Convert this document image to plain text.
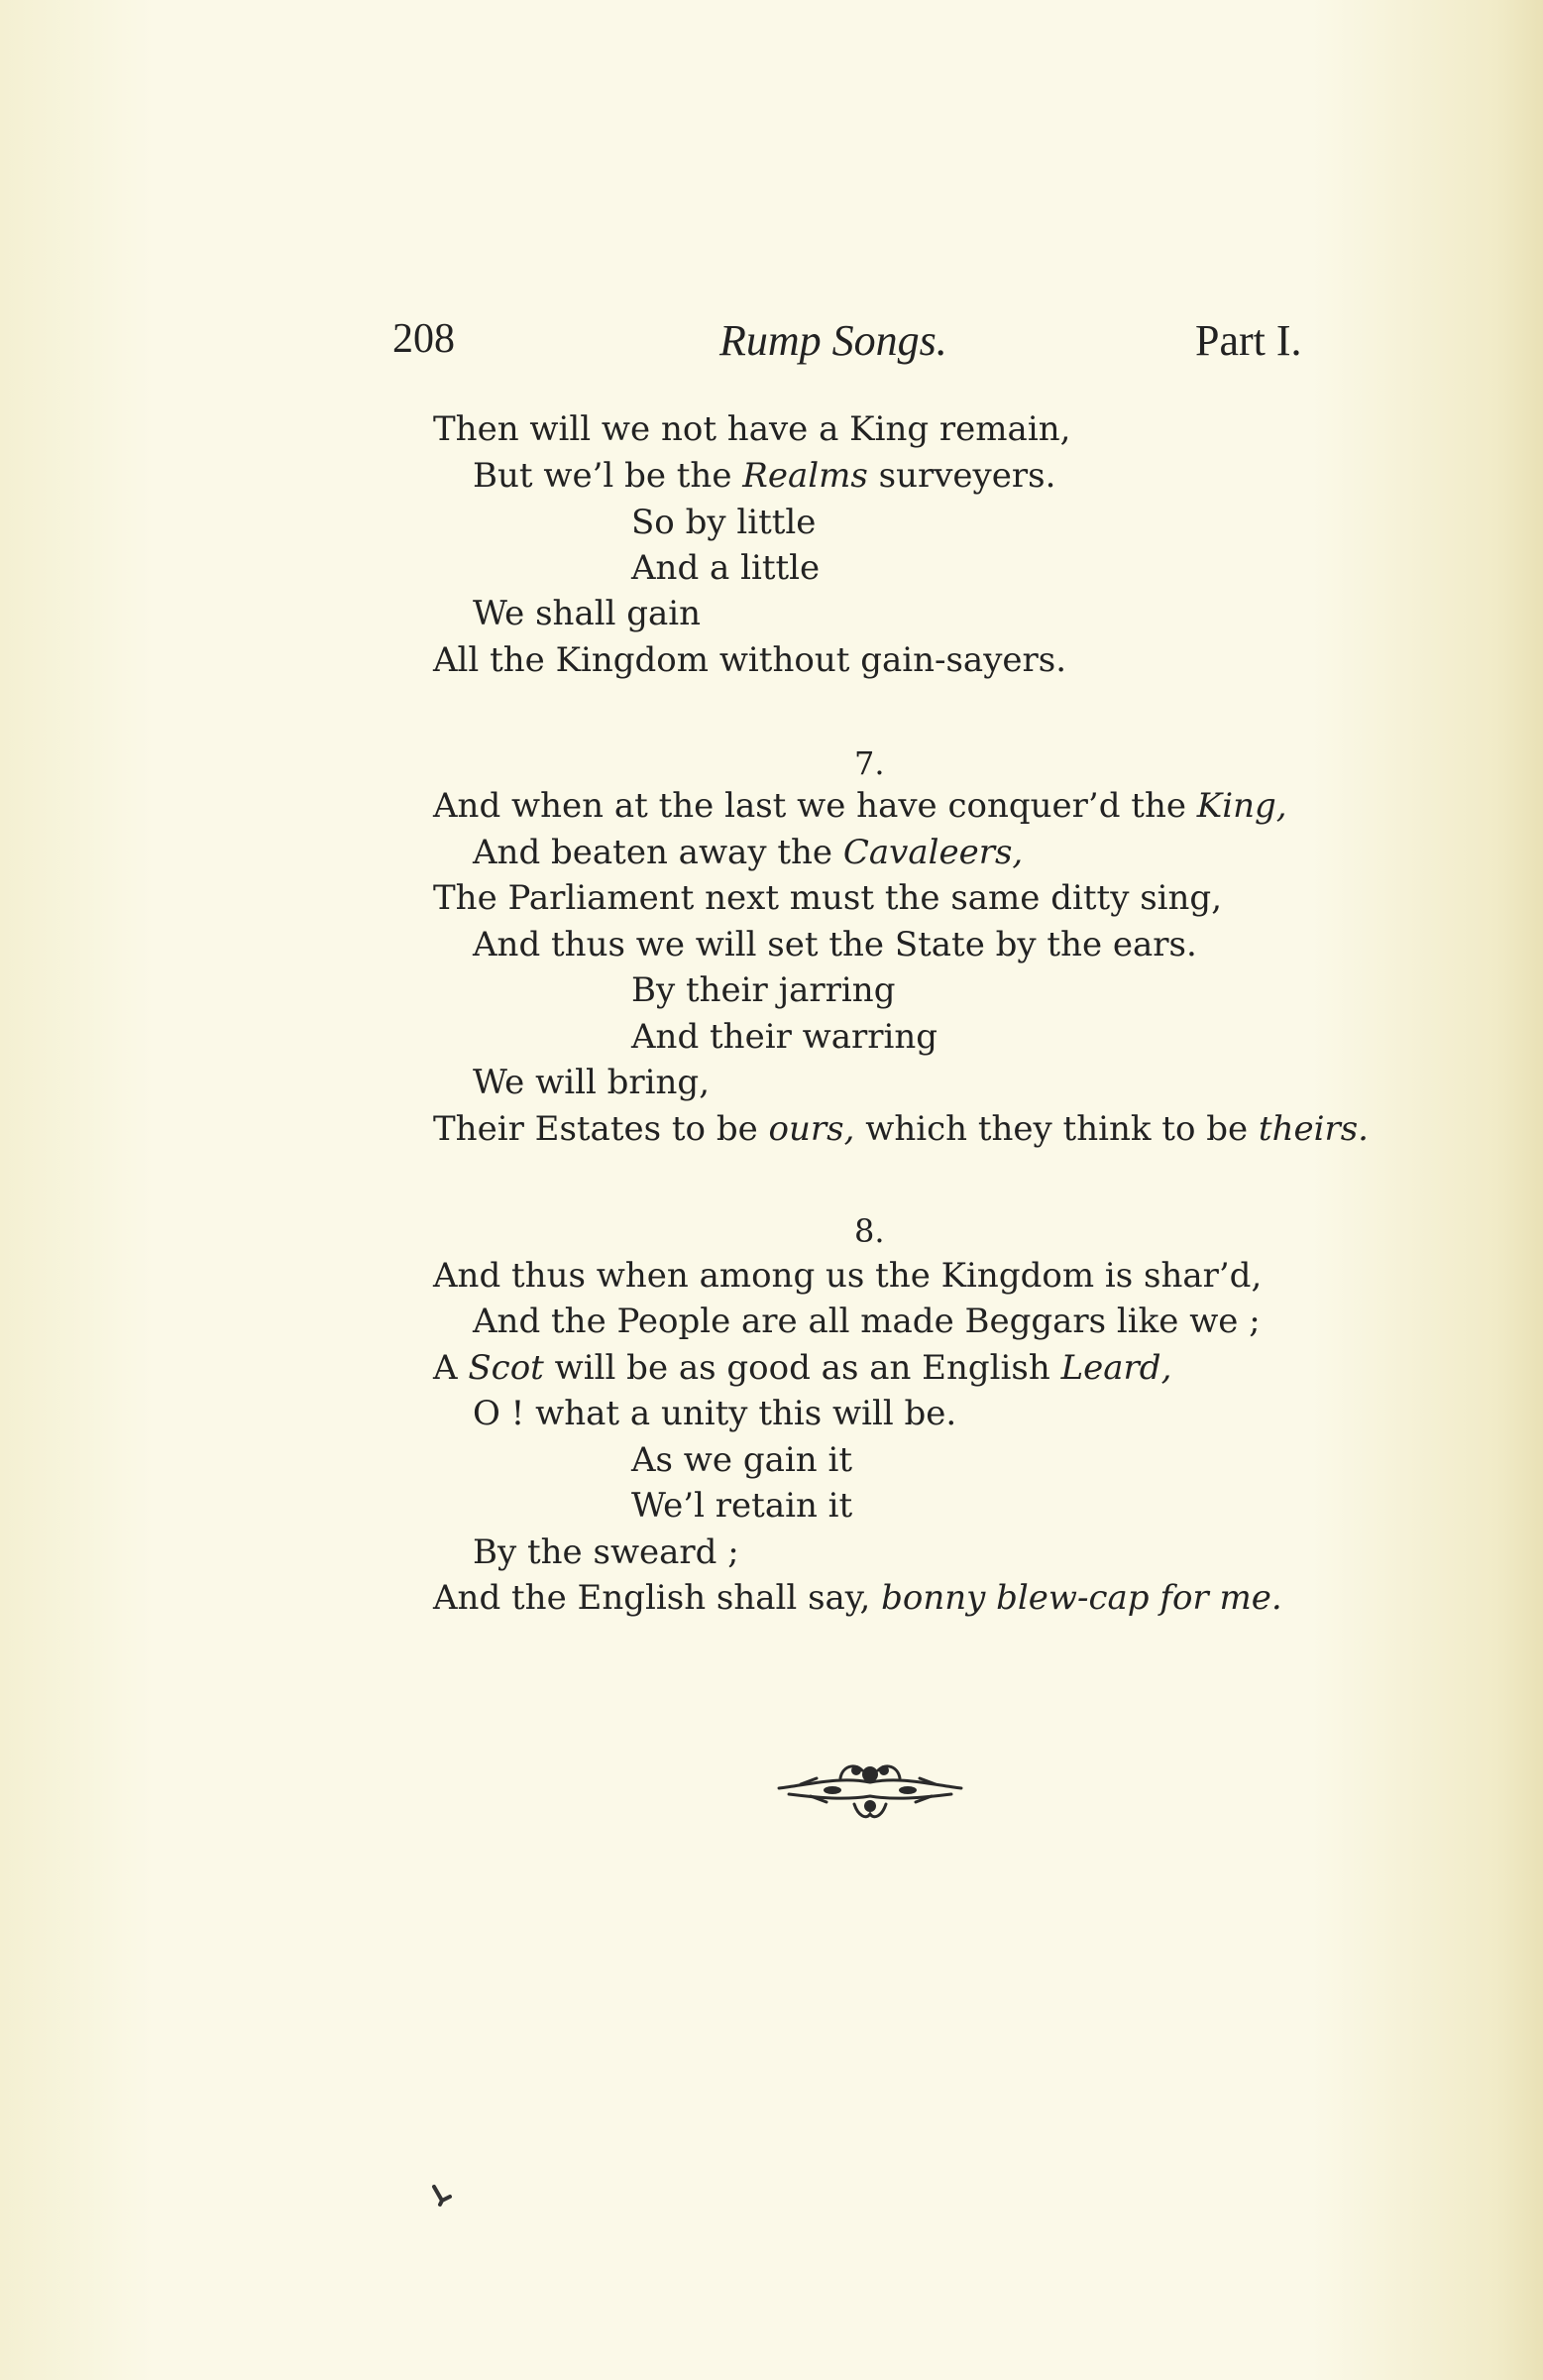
208	Rump Songs.	Part I.
Then will we not have a King remain,
But we’l be the Realms surveyers.
So by little
And a little
We shall gain
All the Kingdom without gain-sayers.
7.
And when at the last we have conquer’d the King,
And beaten away the Cavaleers,
The Parliament next must the same ditty sing,
And thus we will set the State by the ears.
By their jarring
And their warring
We will bring,
Their Estates to be ours, which they think to be theirs.
8.
And thus when among us the Kingdom is shar’d,
And the People are all made Beggars like we ;
A Scot will be as good as an English Leard,
O ! what a unity this will be.
As we gain it
We’l retain it
By the sweard ;
And the English shall say, bonny blew-cap for me.
